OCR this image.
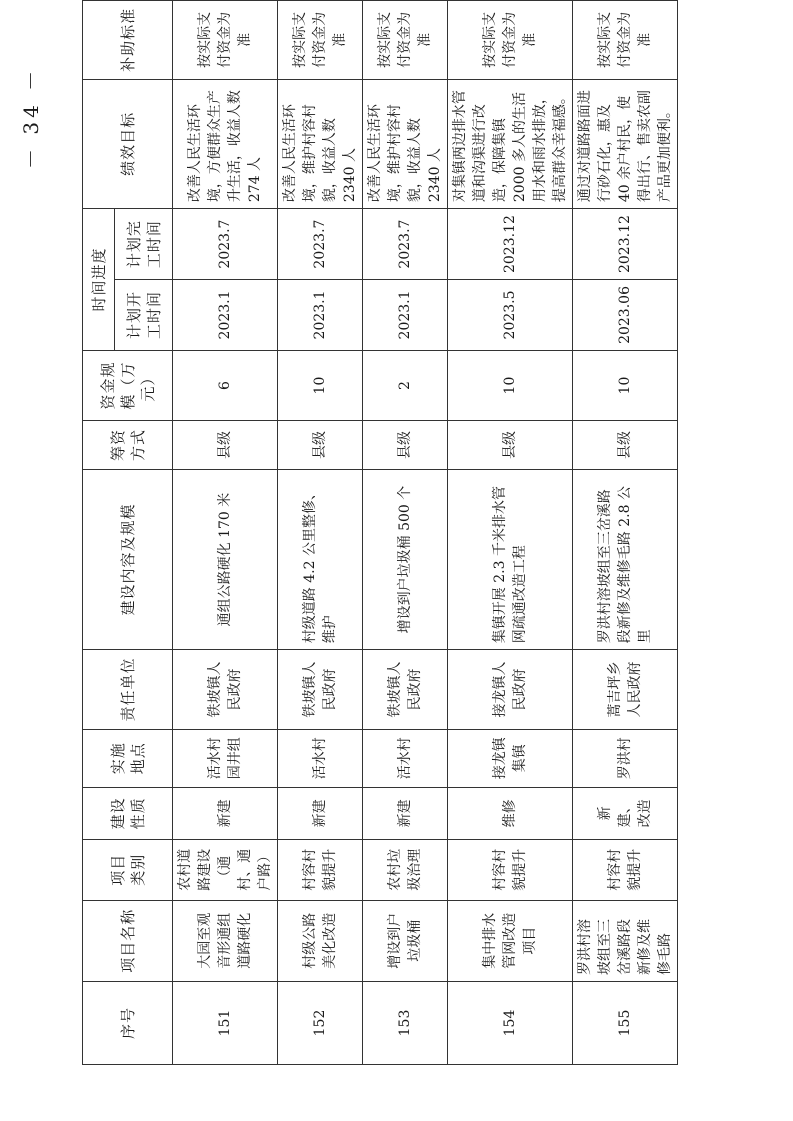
－ 34 －
序号	项目名称	项目类别	建设性质	实施地点	责任单位	建设内容及规模	筹资方式	资金规模（万元）	时间进度		绩效目标	补助标准
									计划开工时间	计划完工时间		
151	大园至观音形通组道路硬化	农村道路建设（通村、通户路）	新建	活水村园井组	铁坡镇人民政府	通组公路硬化 170 米	县级	6	2023.1	2023.7	改善人民生活环境，方便群众生产升生活，收益人数 274 人	按实际支付资金为准
152	村级公路美化改造	村容村貌提升	新建	活水村	铁坡镇人民政府	村级道路 4.2 公里整修、维护	县级	10	2023.1	2023.7	改善人民生活环境，维护村容村貌，收益人数 2340 人	按实际支付资金为准
153	增设到户垃圾桶	农村垃圾治理	新建	活水村	铁坡镇人民政府	增设到户垃圾桶 500 个	县级	2	2023.1	2023.7	改善人民生活环境，维护村容村貌，收益人数 2340 人	按实际支付资金为准
154	集中排水管网改造项目	村容村貌提升	维修	接龙镇集镇	接龙镇人民政府	集镇开展 2.3 千米排水管网疏通改造工程	县级	10	2023.5	2023.12	对集镇两边排水管道和沟渠进行改造，保障集镇 2000 多人的生活用水和雨水排放，提高群众幸福感。	按实际支付资金为准
155	罗洪村溶坡组至三岔溪路段新修及维修毛路	村容村貌提升	新建、改造	罗洪村	蒿吉坪乡人民政府	罗洪村溶坡组至三岔溪路段新修及维修毛路 2.8 公里	县级	10	2023.06	2023.12	通过对道路路面进行砂石化，惠及 40 余户村民，使得出行、售卖农副产品更加便利。	按实际支付资金为准
